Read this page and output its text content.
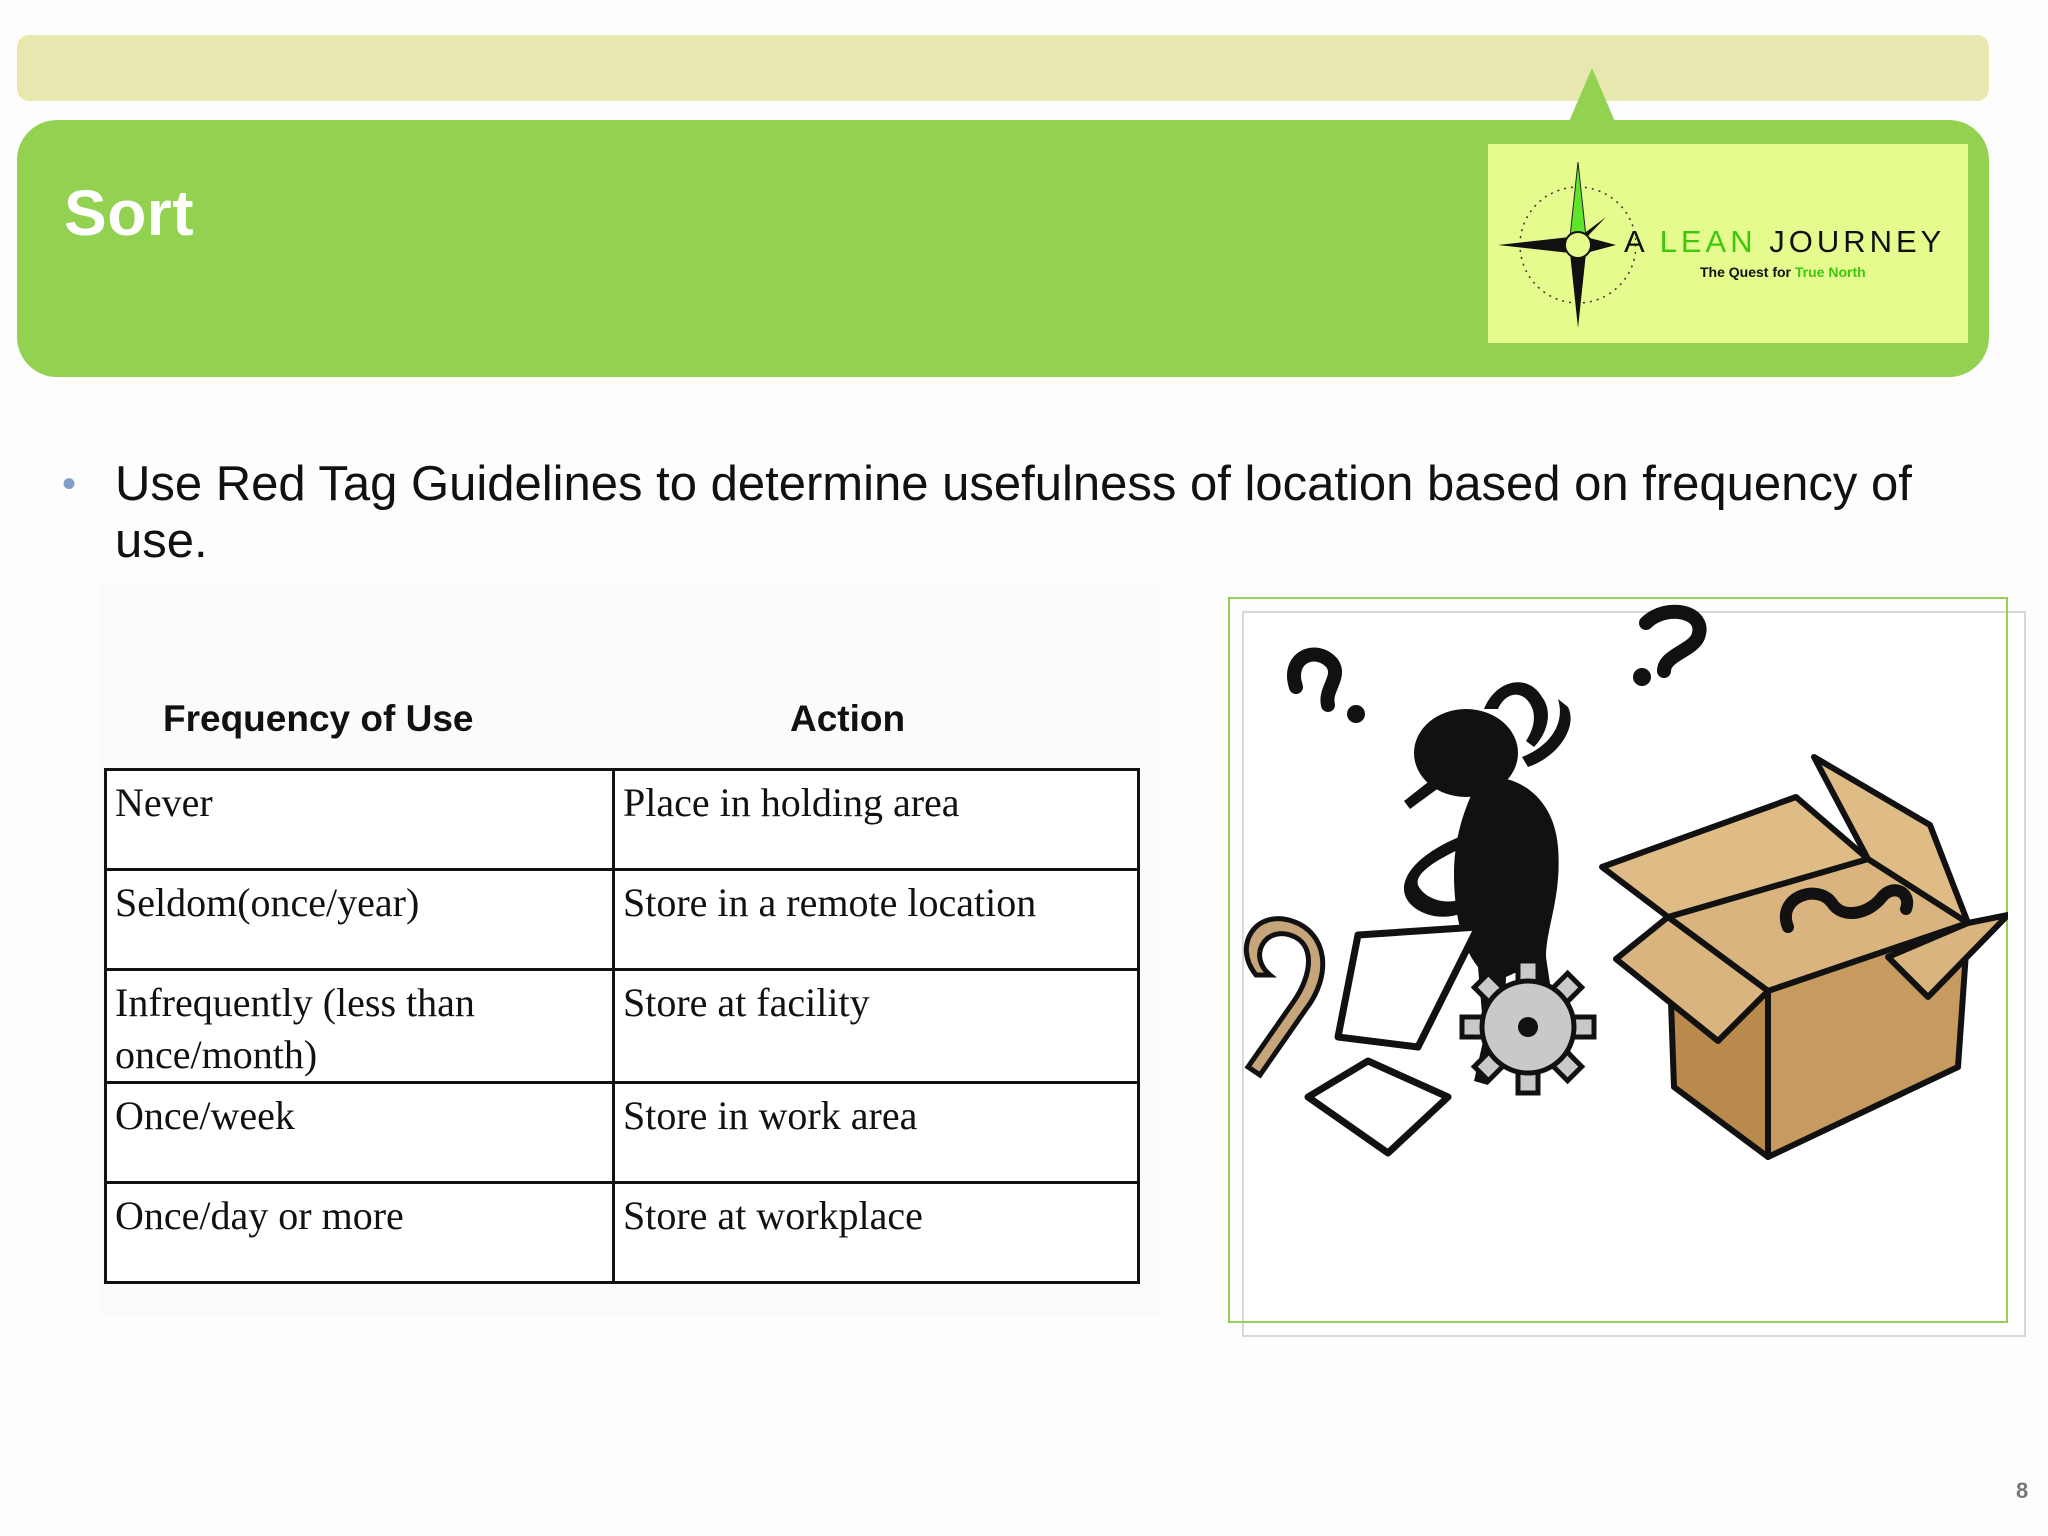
Sort	A LEAN JOURNEY
The Quest for True North
• Use Red Tag Guidelines to determine usefulness of location based on frequency of use.
Frequency of Use	Action
Never	Place in holding area
Seldom(once/year)	Store in a remote location
Infrequently (less than once/month)	Store at facility
Once/week	Store in work area
Once/day or more	Store at workplace
8
